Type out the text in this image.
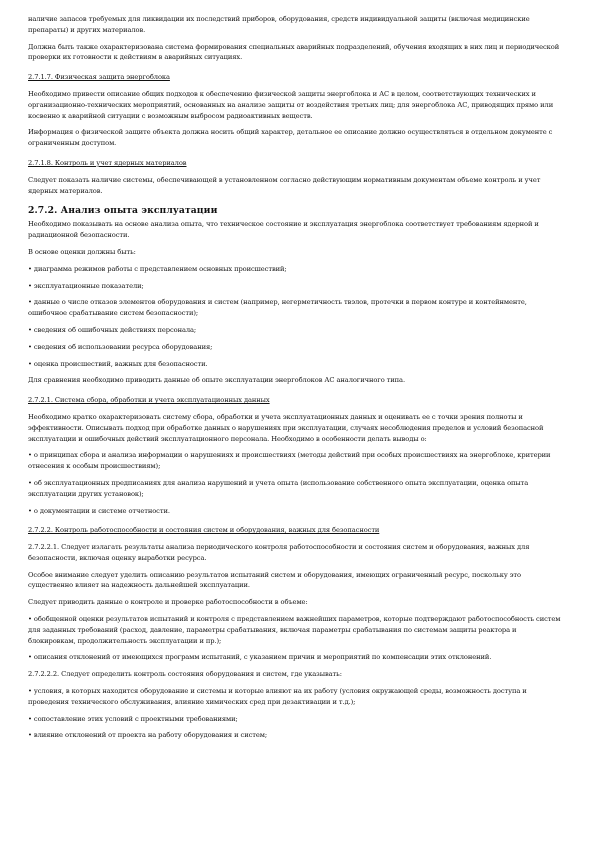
наличие запасов требуемых для ликвидации их последствий приборов, оборудования, средств индивидуальной защиты (включая медицинские препараты) и других материалов.

Должна быть также охарактеризована система формирования специальных аварийных подразделений, обучения входящих в них лиц и периодической проверки их готовности к действиям в аварийных ситуациях.

2.7.1.7. Физическая защита энергоблока

Необходимо привести описание общих подходов к обеспечению физической защиты энергоблока и АС в целом, соответствующих технических и организационно-технических мероприятий, основанных на анализе защиты от воздействия третьих лиц; для энергоблока АС, приводящих прямо или косвенно к аварийной ситуации с возможным выбросом радиоактивных веществ.

Информация о физической защите объекта должна носить общий характер, детальное ее описание должно осуществляться в отдельном документе с ограниченным доступом.

2.7.1.8. Контроль и учет ядерных материалов

Следует показать наличие системы, обеспечивающей в установленном согласно действующим нормативным документам объеме контроль и учет ядерных материалов.

2.7.2. Анализ опыта эксплуатации

Необходимо показывать на основе анализа опыта, что техническое состояние и эксплуатация энергоблока соответствует требованиям ядерной и радиационной безопасности.

В основе оценки должны быть:

• диаграмма режимов работы с представлением основных происшествий;

• эксплуатационные показатели;

• данные о числе отказов элементов оборудования и систем (например, негерметичность твэлов, протечки в первом контуре и контейнменте, ошибочное срабатывание систем безопасности);

• сведения об ошибочных действиях персонала;

• сведения об использовании ресурса оборудования;

• оценка происшествий, важных для безопасности.

Для сравнения необходимо приводить данные об опыте эксплуатации энергоблоков АС аналогичного типа.

2.7.2.1. Система сбора, обработки и учета эксплуатационных данных

Необходимо кратко охарактеризовать систему сбора, обработки и учета эксплуатационных данных и оценивать ее с точки зрения полноты и эффективности. Описывать подход при обработке данных о нарушениях при эксплуатации, случаях несоблюдения пределов и условий безопасной эксплуатации и ошибочных действий эксплуатационного персонала. Необходимо в особенности делать выводы о:

• о принципах сбора и анализа информации о нарушениях и происшествиях (методы действий при особых происшествиях на энергоблоке, критерии отнесения к особым происшествиям);

• об эксплуатационных предписаниях для анализа нарушений и учета опыта (использование собственного опыта эксплуатации, оценка опыта эксплуатации других установок);

• о документации и системе отчетности.

2.7.2.2. Контроль работоспособности и состояния систем и оборудования, важных для безопасности

2.7.2.2.1. Следует излагать результаты анализа периодического контроля работоспособности и состояния систем и оборудования, важных для безопасности, включая оценку выработки ресурса.

Особое внимание следует уделить описанию результатов испытаний систем и оборудования, имеющих ограниченный ресурс, поскольку это существенно влияет на надежность дальнейшей эксплуатации.

Следует приводить данные о контроле и проверке работоспособности в объеме:

• обобщенной оценки результатов испытаний и контроля с представлением важнейших параметров, которые подтверждают работоспособность систем для заданных требований (расход, давление, параметры срабатывания, включая параметры срабатывания по системам защиты реактора и блокировкам, продолжительность эксплуатации и пр.);

• описания отклонений от имеющихся программ испытаний, с указанием причин и мероприятий по компенсации этих отклонений.

2.7.2.2.2. Следует определить контроль состояния оборудования и систем, где указывать:

• условия, в которых находится оборудование и системы и которые влияют на их работу (условия окружающей среды, возможность доступа и проведения технического обслуживания, влияние химических сред при дезактивации и т.д.);

• сопоставление этих условий с проектными требованиями;

• влияние отклонений от проекта на работу оборудования и систем;
